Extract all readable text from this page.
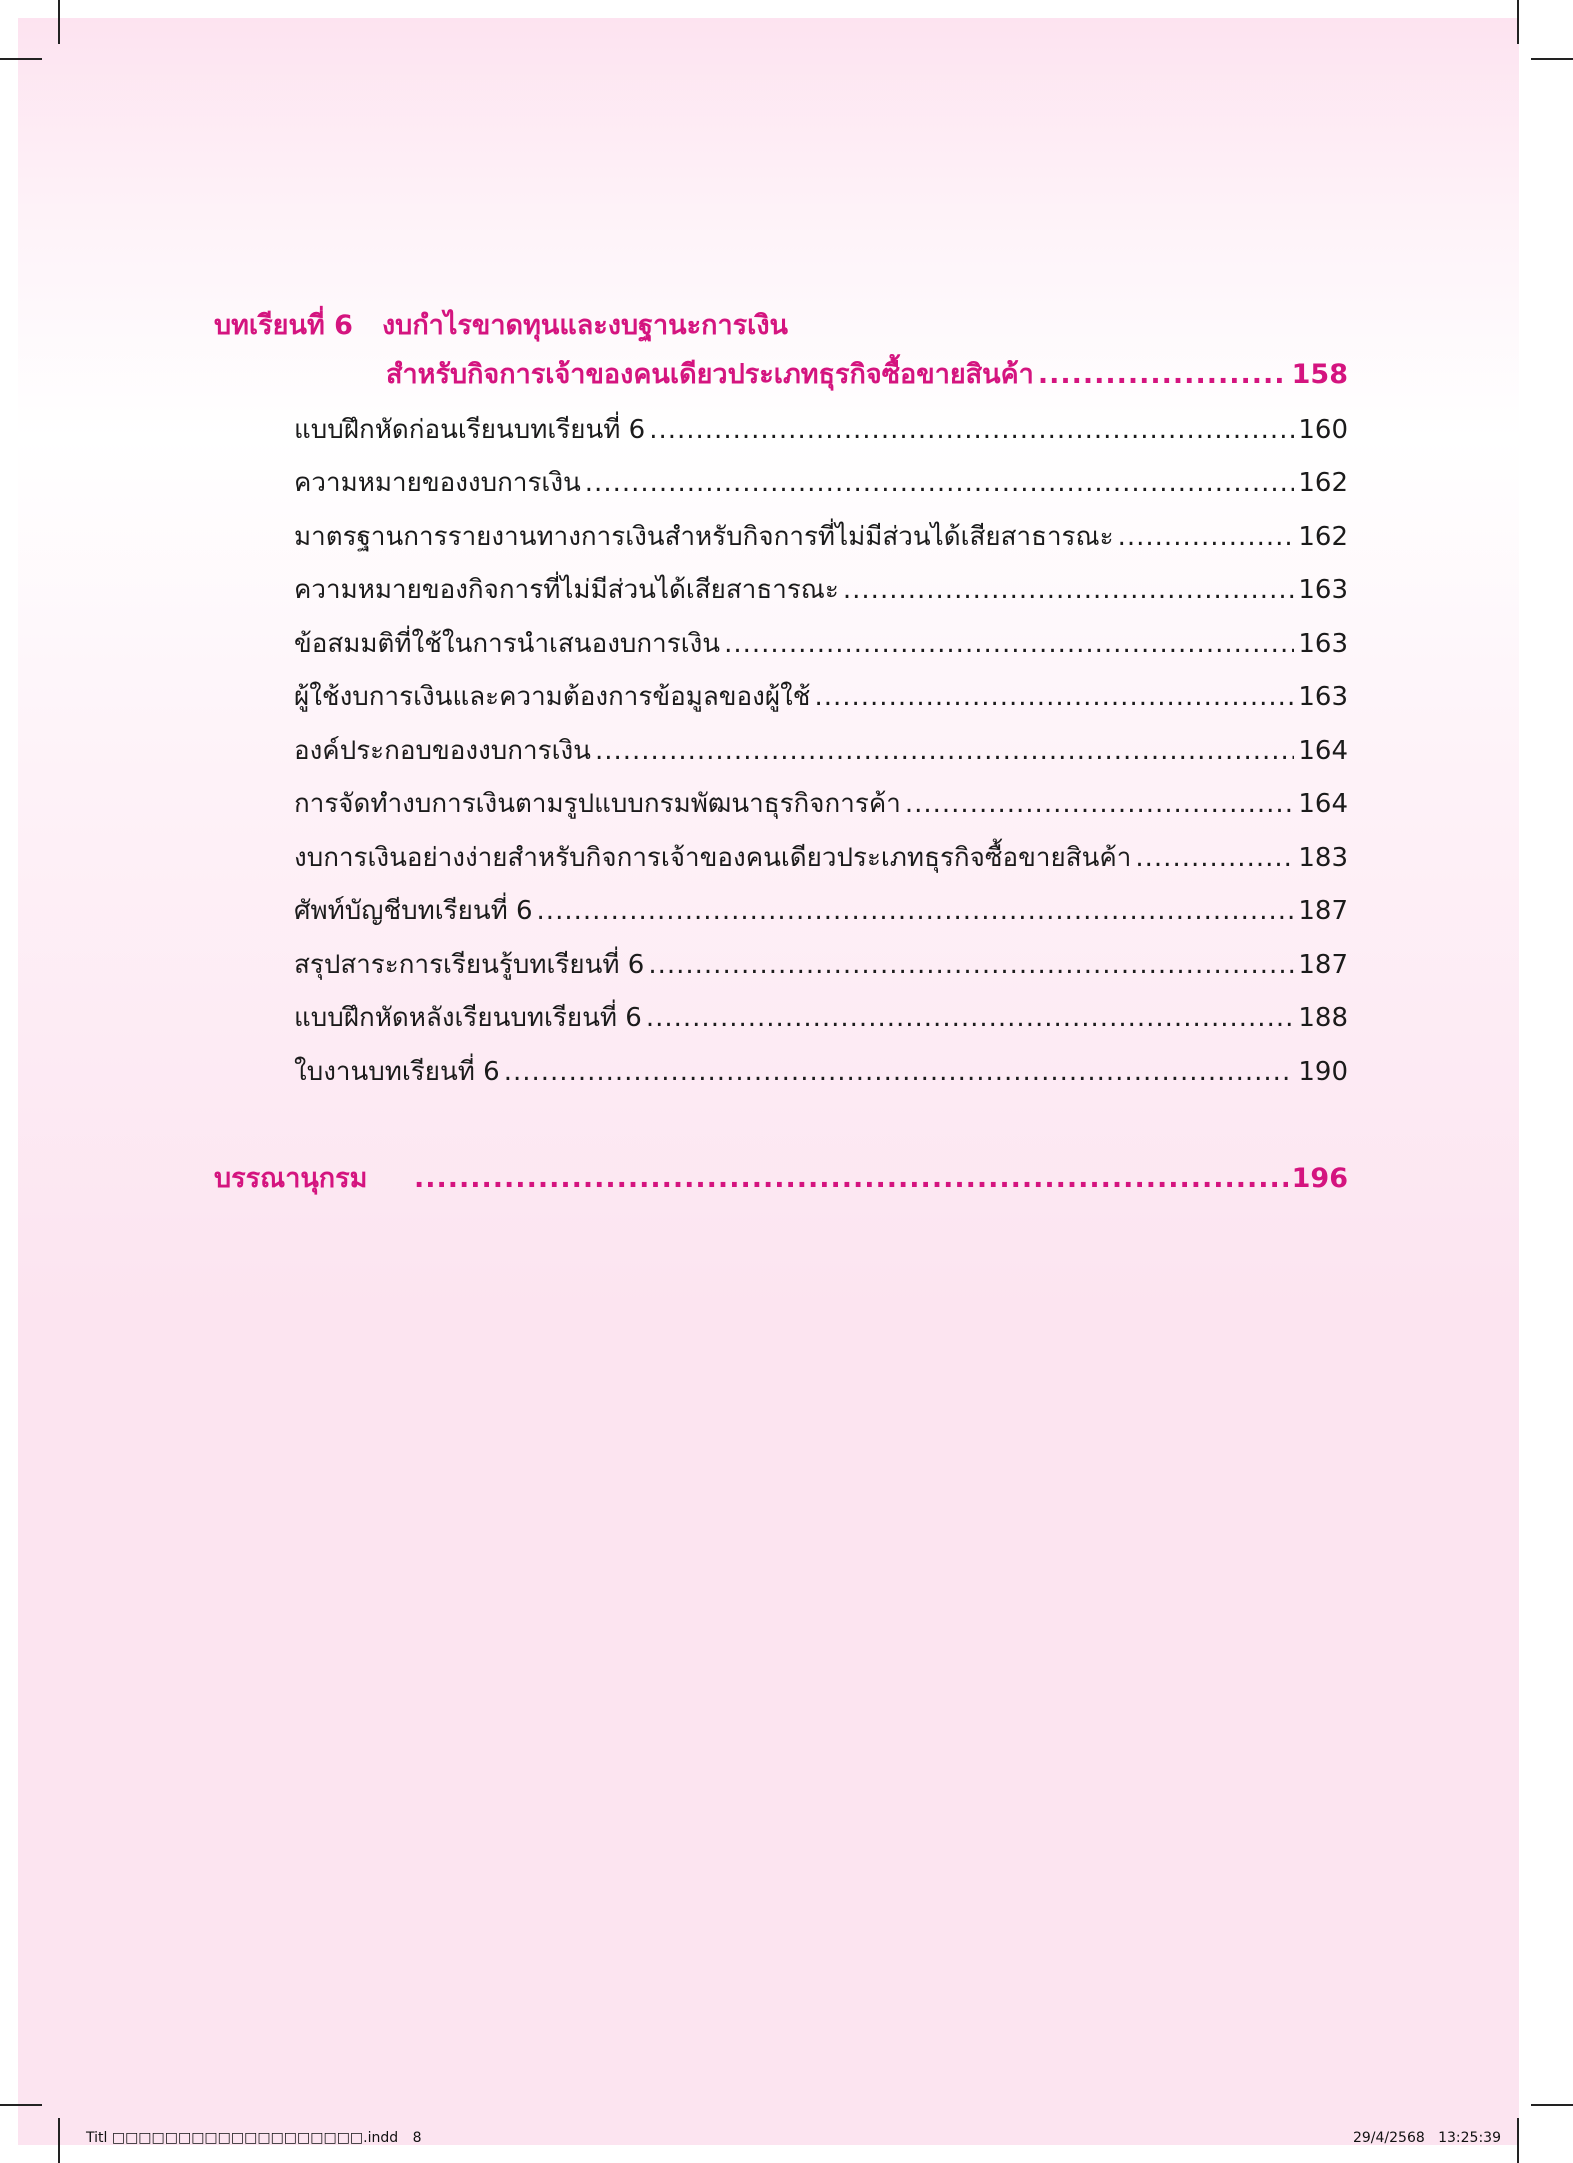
บทเรียนที่ 6 งบกำไรขาดทุนและงบฐานะการเงิน
สำหรับกิจการเจ้าของคนเดียวประเภทธุรกิจซื้อขายสินค้า .....	158
แบบฝึกหัดก่อนเรียนบทเรียนที่ 6 .....	160
ความหมายของงบการเงิน .....	162
มาตรฐานการรายงานทางการเงินสำหรับกิจการที่ไม่มีส่วนได้เสียสาธารณะ .....	162
ความหมายของกิจการที่ไม่มีส่วนได้เสียสาธารณะ .....	163
ข้อสมมติที่ใช้ในการนำเสนองบการเงิน .....	163
ผู้ใช้งบการเงินและความต้องการข้อมูลของผู้ใช้ .....	163
องค์ประกอบของงบการเงิน .....	164
การจัดทำงบการเงินตามรูปแบบกรมพัฒนาธุรกิจการค้า .....	164
งบการเงินอย่างง่ายสำหรับกิจการเจ้าของคนเดียวประเภทธุรกิจซื้อขายสินค้า .....	183
ศัพท์บัญชีบทเรียนที่ 6 .....	187
สรุปสาระการเรียนรู้บทเรียนที่ 6 .....	187
แบบฝึกหัดหลังเรียนบทเรียนที่ 6 .....	188
ใบงานบทเรียนที่ 6 .....	190
บรรณานุกรม .....	196
Titl □□□□□□□□□□□□□□□□□□□.indd 8	29/4/2568   13:25:39
